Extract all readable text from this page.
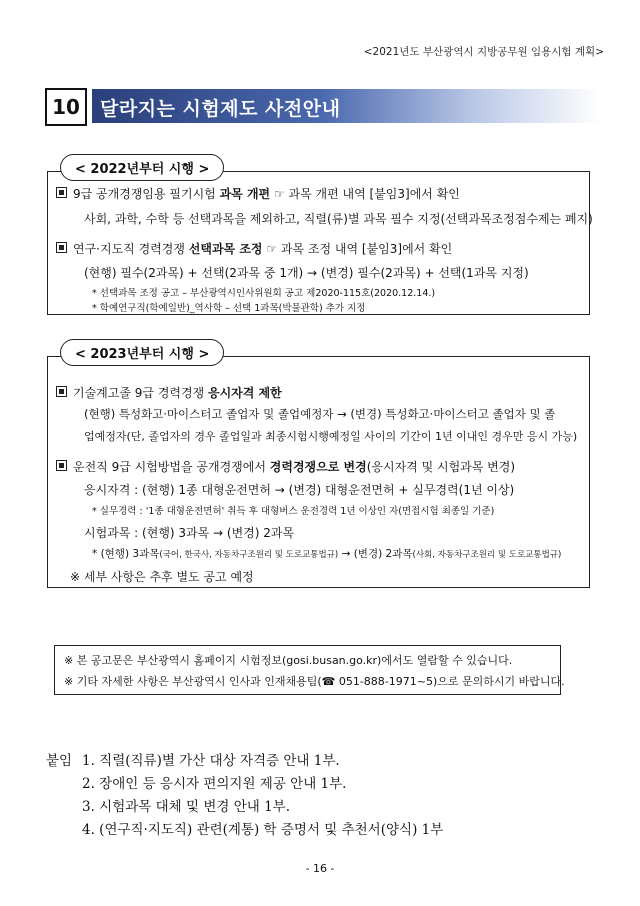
<2021년도 부산광역시 지방공무원 임용시험 계획>
10	달라지는 시험제도 사전안내
< 2022년부터 시행 >
9급 공개경쟁임용 필기시험 과목 개편 ☞ 과목 개편 내역 [붙임3]에서 확인
사회, 과학, 수학 등 선택과목을 제외하고, 직렬(류)별 과목 필수 지정(선택과목조정점수제는 폐지)
연구·지도직 경력경쟁 선택과목 조정 ☞ 과목 조정 내역 [붙임3]에서 확인
(현행) 필수(2과목) + 선택(2과목 중 1개) → (변경) 필수(2과목) + 선택(1과목 지정)
* 선택과목 조정 공고 – 부산광역시인사위원회 공고 제2020-115호(2020.12.14.)
* 학예연구직(학예일반)_역사학 – 선택 1과목(박물관학) 추가 지정
< 2023년부터 시행 >
기술계고졸 9급 경력경쟁 응시자격 제한
(현행) 특성화고·마이스터고 졸업자 및 졸업예정자 → (변경) 특성화고·마이스터고 졸업자 및 졸
업예정자(단, 졸업자의 경우 졸업일과 최종시험시행예정일 사이의 기간이 1년 이내인 경우만 응시 가능)
운전직 9급 시험방법을 공개경쟁에서 경력경쟁으로 변경(응시자격 및 시험과목 변경)
응시자격 : (현행) 1종 대형운전면허 → (변경) 대형운전면허 + 실무경력(1년 이상)
* 실무경력 : '1종 대형운전면허' 취득 후 대형버스 운전경력 1년 이상인 자(면접시험 최종일 기준)
시험과목 : (현행) 3과목 → (변경) 2과목
* (현행) 3과목(국어, 한국사, 자동차구조원리 및 도로교통법규) → (변경) 2과목(사회, 자동차구조원리 및 도로교통법규)
※ 세부 사항은 추후 별도 공고 예정
※ 본 공고문은 부산광역시 홈페이지 시험정보(gosi.busan.go.kr)에서도 열람할 수 있습니다.
※ 기타 자세한 사항은 부산광역시 인사과 인재채용팀(☎ 051-888-1971~5)으로 문의하시기 바랍니다.
붙임 1. 직렬(직류)별 가산 대상 자격증 안내 1부.
2. 장애인 등 응시자 편의지원 제공 안내 1부.
3. 시험과목 대체 및 변경 안내 1부.
4. (연구직·지도직) 관련(계통) 학 증명서 및 추천서(양식) 1부
- 16 -
